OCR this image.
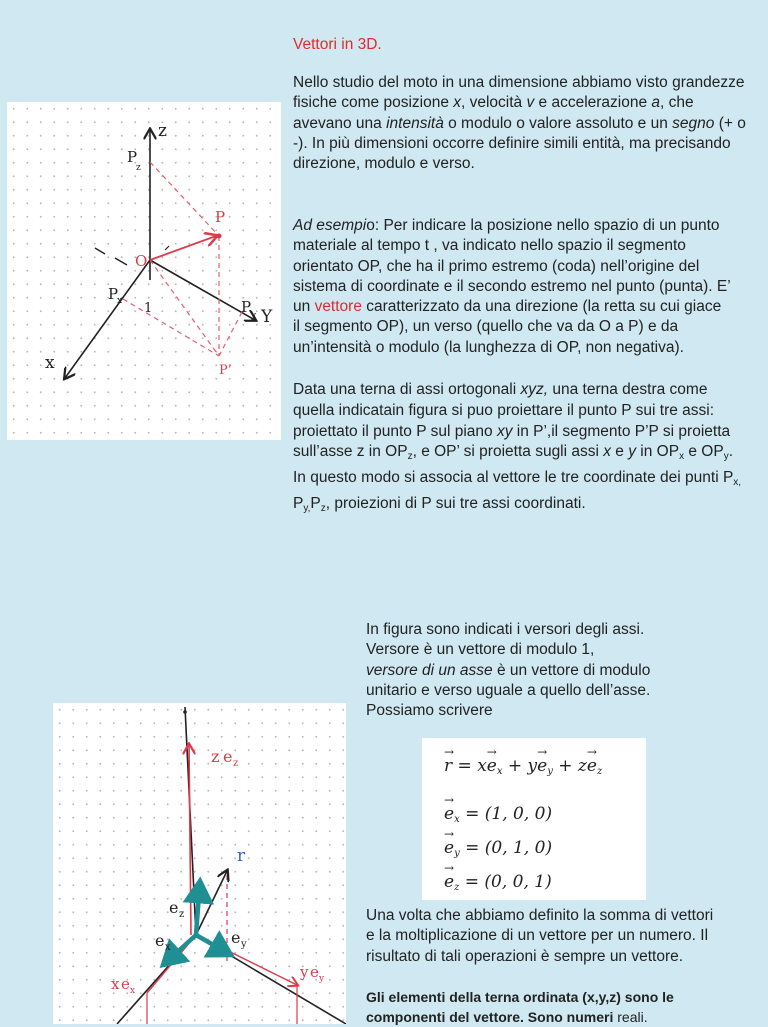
Vettori in 3D.
Nello studio del moto in una dimensione abbiamo visto grandezze fisiche come posizione x, velocità v e accelerazione a, che avevano una intensità o modulo o valore assoluto e un segno (+ o -). In più dimensioni occorre definire simili entità, ma precisando direzione, modulo e verso.
Ad esempio: Per indicare la posizione nello spazio di un punto materiale al tempo t , va indicato nello spazio il segmento orientato OP, che ha il primo estremo (coda) nell’origine del sistema di coordinate e il secondo estremo nel punto (punta). E’ un vettore caratterizzato da una direzione (la retta su cui giace il segmento OP), un verso (quello che va da O a P) e da un’intensità o modulo (la lunghezza di OP, non negativa).
Data una terna di assi ortogonali xyz, una terna destra come quella indicatain figura si puo proiettare il punto P sui tre assi: proiettato il punto P sul piano xy in P’,il segmento P’P si proietta sull’asse z in $OP_z$, e OP’ si proietta sugli assi x e y in $OP_x$ e $OP_y$. In questo modo si associa al vettore le tre coordinate dei punti $P_{x,}$ $P_{y,}P_z$, proiezioni di P sui tre assi coordinati.
z
P
z
P
O
P
x 1	P y Y
x	P’
In figura sono indicati i versori degli assi.
Versore è un vettore di modulo 1,
versore di un asse è un vettore di modulo unitario e verso uguale a quello dell’asse. Possiamo scrivere
→ $r = x\to e_x + y\to e_y + z\to e_z$
→ $e_x = (1$, 0, 0)
→ $e_y = (0$, 1, 0)
→ $e_z = (0$, 0, 1)
Una volta che abbiamo definito la somma di vettori e la moltiplicazione di un vettore per un numero. Il risultato di tali operazioni è sempre un vettore.
Gli elementi della terna ordinata (x,y,z) sono le componenti del vettore. Sono numeri reali.
z e z
r
e z
e x
e y
x e x
y e y
